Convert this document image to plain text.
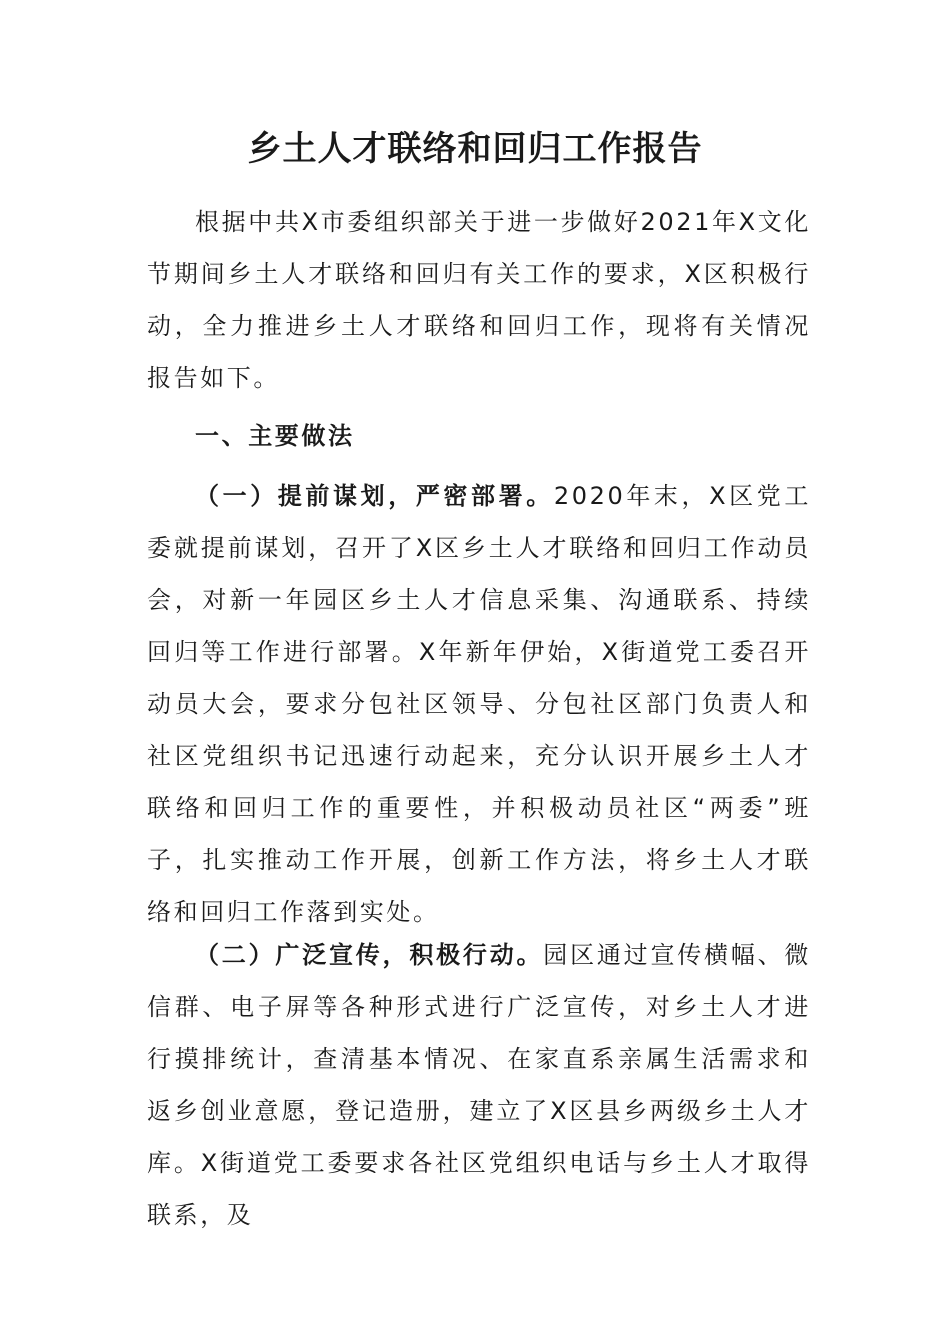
乡土人才联络和回归工作报告

根据中共X市委组织部关于进一步做好2021年X文化节期间乡土人才联络和回归有关工作的要求，X区积极行动，全力推进乡土人才联络和回归工作，现将有关情况报告如下。

一、主要做法

（一）提前谋划，严密部署。2020年末，X区党工委就提前谋划，召开了X区乡土人才联络和回归工作动员会，对新一年园区乡土人才信息采集、沟通联系、持续回归等工作进行部署。X年新年伊始，X街道党工委召开动员大会，要求分包社区领导、分包社区部门负责人和社区党组织书记迅速行动起来，充分认识开展乡土人才联络和回归工作的重要性，并积极动员社区“两委”班子，扎实推动工作开展，创新工作方法，将乡土人才联络和回归工作落到实处。

（二）广泛宣传，积极行动。园区通过宣传横幅、微信群、电子屏等各种形式进行广泛宣传，对乡土人才进行摸排统计，查清基本情况、在家直系亲属生活需求和返乡创业意愿，登记造册，建立了X区县乡两级乡土人才库。X街道党工委要求各社区党组织电话与乡土人才取得联系，及
